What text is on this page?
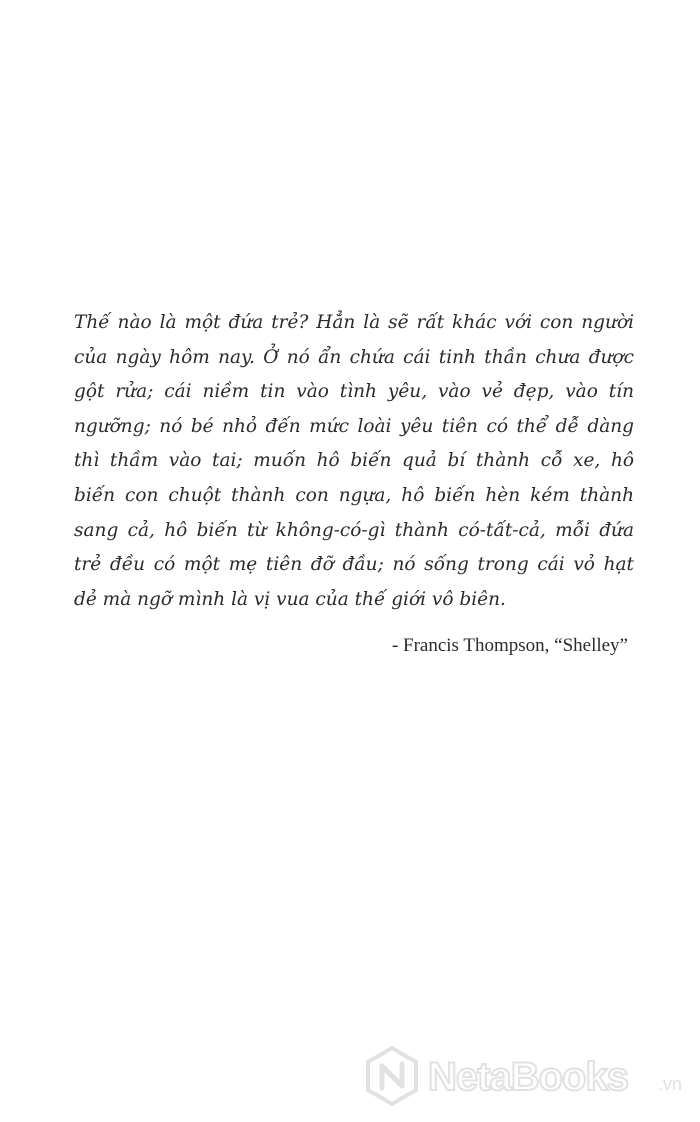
Thế nào là một đứa trẻ? Hẳn là sẽ rất khác với con người
của ngày hôm nay. Ở nó ẩn chứa cái tinh thần chưa được
gột rửa; cái niềm tin vào tình yêu, vào vẻ đẹp, vào tín
ngưỡng; nó bé nhỏ đến mức loài yêu tiên có thể dễ dàng
thì thầm vào tai; muốn hô biến quả bí thành cỗ xe, hô
biến con chuột thành con ngựa, hô biến hèn kém thành
sang cả, hô biến từ không-có-gì thành có-tất-cả, mỗi đứa
trẻ đều có một mẹ tiên đỡ đầu; nó sống trong cái vỏ hạt
dẻ mà ngỡ mình là vị vua của thế giới vô biên.

- Francis Thompson, “Shelley”

NetaBooks .vn
